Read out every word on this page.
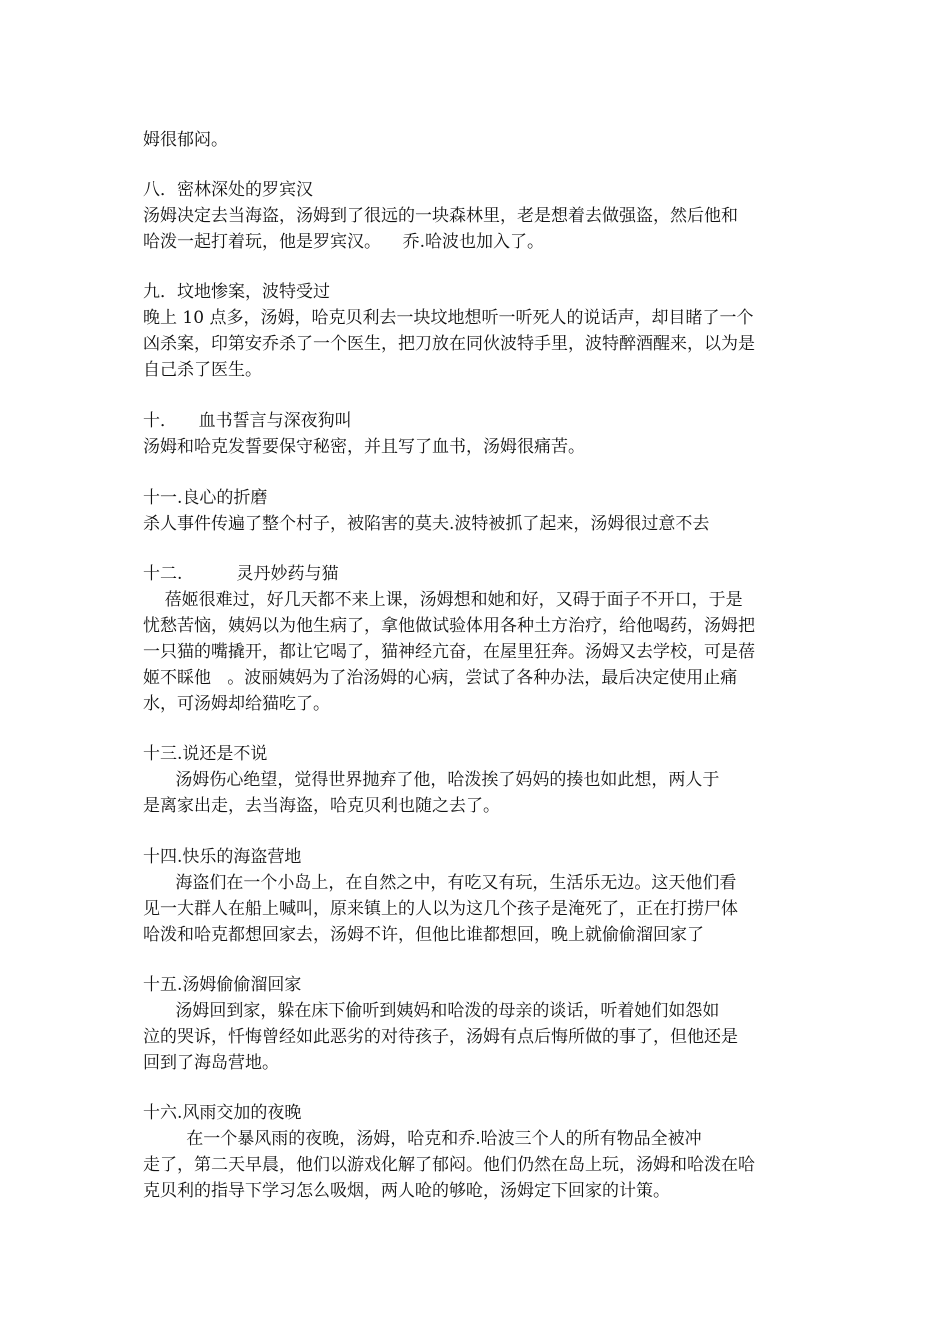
姆很郁闷。
八．密林深处的罗宾汉
汤姆决定去当海盗，汤姆到了很远的一块森林里，老是想着去做强盗，然后他和
哈泼一起打着玩，他是罗宾汉。    乔.哈波也加入了。
九．坟地惨案，波特受过
晚上 10 点多，汤姆，哈克贝利去一块坟地想听一听死人的说话声，却目睹了一个
凶杀案，印第安乔杀了一个医生，把刀放在同伙波特手里，波特醉酒醒来，以为是
自己杀了医生。
十．    血书誓言与深夜狗叫
汤姆和哈克发誓要保守秘密，并且写了血书，汤姆很痛苦。
十一.良心的折磨
杀人事件传遍了整个村子，被陷害的莫夫.波特被抓了起来，汤姆很过意不去
十二.          灵丹妙药与猫
蓓姬很难过，好几天都不来上课，汤姆想和她和好，又碍于面子不开口，于是
忧愁苦恼，姨妈以为他生病了，拿他做试验体用各种土方治疗，给他喝药，汤姆把
一只猫的嘴撬开，都让它喝了，猫神经亢奋，在屋里狂奔。汤姆又去学校，可是蓓
姬不睬他   。波丽姨妈为了治汤姆的心病，尝试了各种办法，最后决定使用止痛
水，可汤姆却给猫吃了。
十三.说还是不说
汤姆伤心绝望，觉得世界抛弃了他，哈泼挨了妈妈的揍也如此想，两人于
是离家出走，去当海盗，哈克贝利也随之去了。
十四.快乐的海盗营地
海盗们在一个小岛上，在自然之中，有吃又有玩，生活乐无边。这天他们看
见一大群人在船上喊叫，原来镇上的人以为这几个孩子是淹死了，正在打捞尸体
哈泼和哈克都想回家去，汤姆不许，但他比谁都想回，晚上就偷偷溜回家了
十五.汤姆偷偷溜回家
汤姆回到家，躲在床下偷听到姨妈和哈泼的母亲的谈话，听着她们如怨如
泣的哭诉，忏悔曾经如此恶劣的对待孩子，汤姆有点后悔所做的事了，但他还是
回到了海岛营地。
十六.风雨交加的夜晚
在一个暴风雨的夜晚，汤姆，哈克和乔.哈波三个人的所有物品全被冲
走了，第二天早晨，他们以游戏化解了郁闷。他们仍然在岛上玩，汤姆和哈泼在哈
克贝利的指导下学习怎么吸烟，两人呛的够呛，汤姆定下回家的计策。
